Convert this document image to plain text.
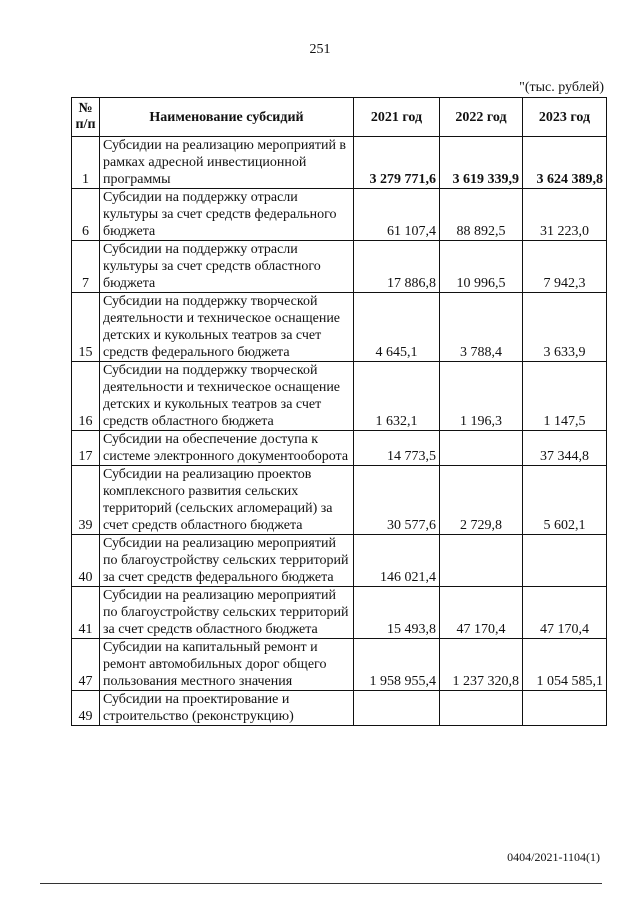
251
"(тыс. рублей)
№ п/п	Наименование субсидий	2021 год	2022 год	2023 год
1	Субсидии на реализацию мероприятий в рамках адресной инвестиционной программы	3 279 771,6	3 619 339,9	3 624 389,8
6	Субсидии на поддержку отрасли культуры за счет средств федерального бюджета	61 107,4	88 892,5	31 223,0
7	Субсидии на поддержку отрасли культуры за счет средств областного бюджета	17 886,8	10 996,5	7 942,3
15	Субсидии на поддержку творческой деятельности и техническое оснащение детских и кукольных театров за счет средств федерального бюджета	4 645,1	3 788,4	3 633,9
16	Субсидии на поддержку творческой деятельности и техническое оснащение детских и кукольных театров за счет средств областного бюджета	1 632,1	1 196,3	1 147,5
17	Субсидии на обеспечение доступа к системе электронного документооборота	14 773,5		37 344,8
39	Субсидии на реализацию проектов комплексного развития сельских территорий (сельских агломераций) за счет средств областного бюджета	30 577,6	2 729,8	5 602,1
40	Субсидии на реализацию мероприятий по благоустройству сельских территорий за счет средств федерального бюджета	146 021,4		
41	Субсидии на реализацию мероприятий по благоустройству сельских территорий за счет средств областного бюджета	15 493,8	47 170,4	47 170,4
47	Субсидии на капитальный ремонт и ремонт автомобильных дорог общего пользования местного значения	1 958 955,4	1 237 320,8	1 054 585,1
49	Субсидии на проектирование и строительство (реконструкцию)			
0404/2021-1104(1)
